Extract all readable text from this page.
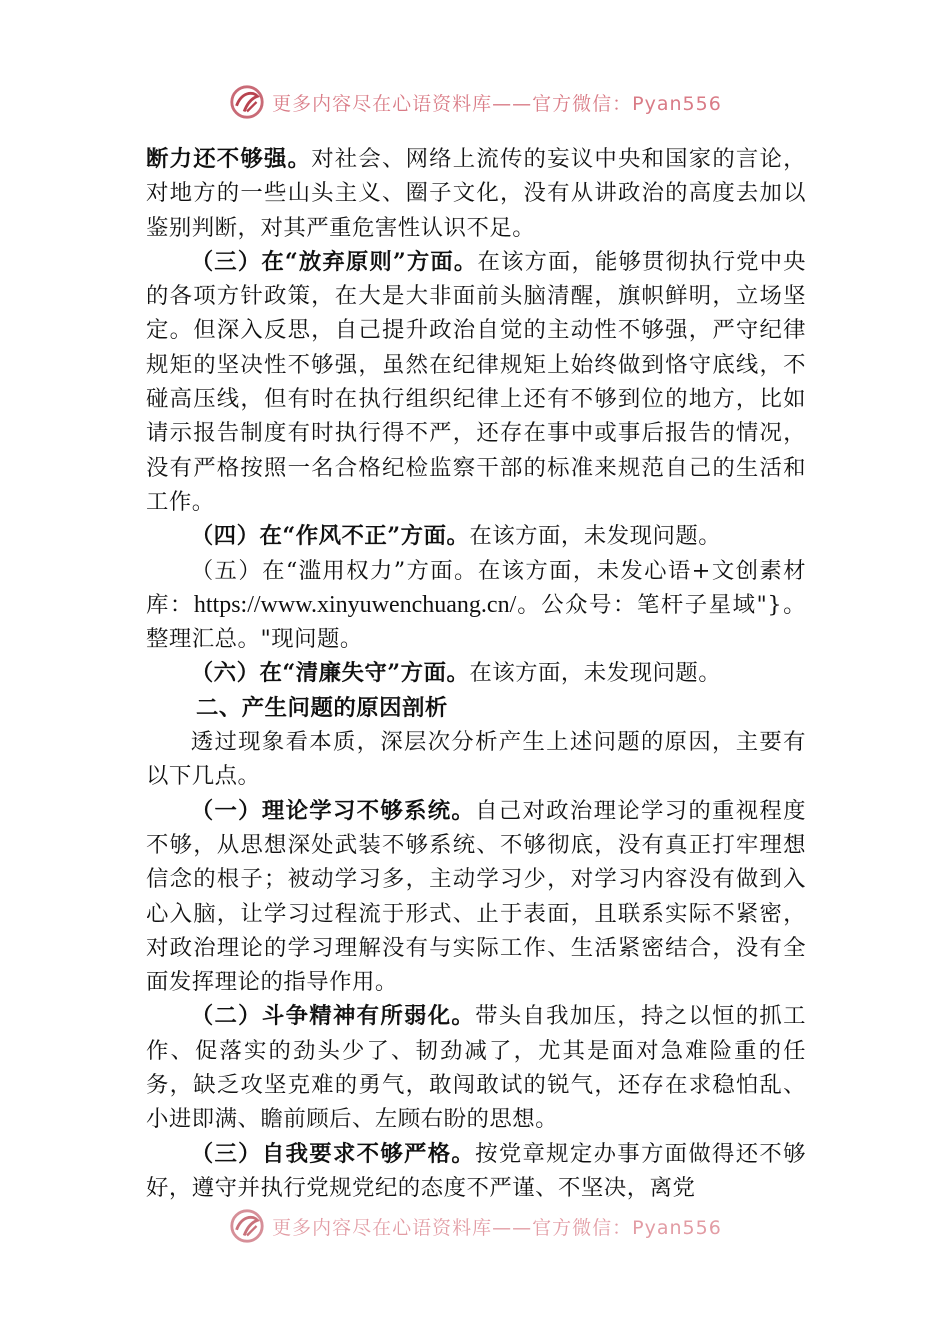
更多内容尽在心语资料库——官方微信：Pyan556

断力还不够强。对社会、网络上流传的妄议中央和国家的言论，对地方的一些山头主义、圈子文化，没有从讲政治的高度去加以鉴别判断，对其严重危害性认识不足。

（三）在“放弃原则”方面。在该方面，能够贯彻执行党中央的各项方针政策，在大是大非面前头脑清醒，旗帜鲜明，立场坚定。但深入反思，自己提升政治自觉的主动性不够强，严守纪律规矩的坚决性不够强，虽然在纪律规矩上始终做到恪守底线，不碰高压线，但有时在执行组织纪律上还有不够到位的地方，比如请示报告制度有时执行得不严，还存在事中或事后报告的情况，没有严格按照一名合格纪检监察干部的标准来规范自己的生活和工作。

（四）在“作风不正”方面。在该方面，未发现问题。

（五）在“滥用权力”方面。在该方面，未发心语+文创素材库：https://www.xinyuwenchuang.cn/。公众号：笔杆子星域"}。整理汇总。"现问题。

（六）在“清廉失守”方面。在该方面，未发现问题。

二、产生问题的原因剖析

透过现象看本质，深层次分析产生上述问题的原因，主要有以下几点。

（一）理论学习不够系统。自己对政治理论学习的重视程度不够，从思想深处武装不够系统、不够彻底，没有真正打牢理想信念的根子；被动学习多，主动学习少，对学习内容没有做到入心入脑，让学习过程流于形式、止于表面，且联系实际不紧密，对政治理论的学习理解没有与实际工作、生活紧密结合，没有全面发挥理论的指导作用。

（二）斗争精神有所弱化。带头自我加压，持之以恒的抓工作、促落实的劲头少了、韧劲减了，尤其是面对急难险重的任务，缺乏攻坚克难的勇气，敢闯敢试的锐气，还存在求稳怕乱、小进即满、瞻前顾后、左顾右盼的思想。

（三）自我要求不够严格。按党章规定办事方面做得还不够好，遵守并执行党规党纪的态度不严谨、不坚决，离党

更多内容尽在心语资料库——官方微信：Pyan556
